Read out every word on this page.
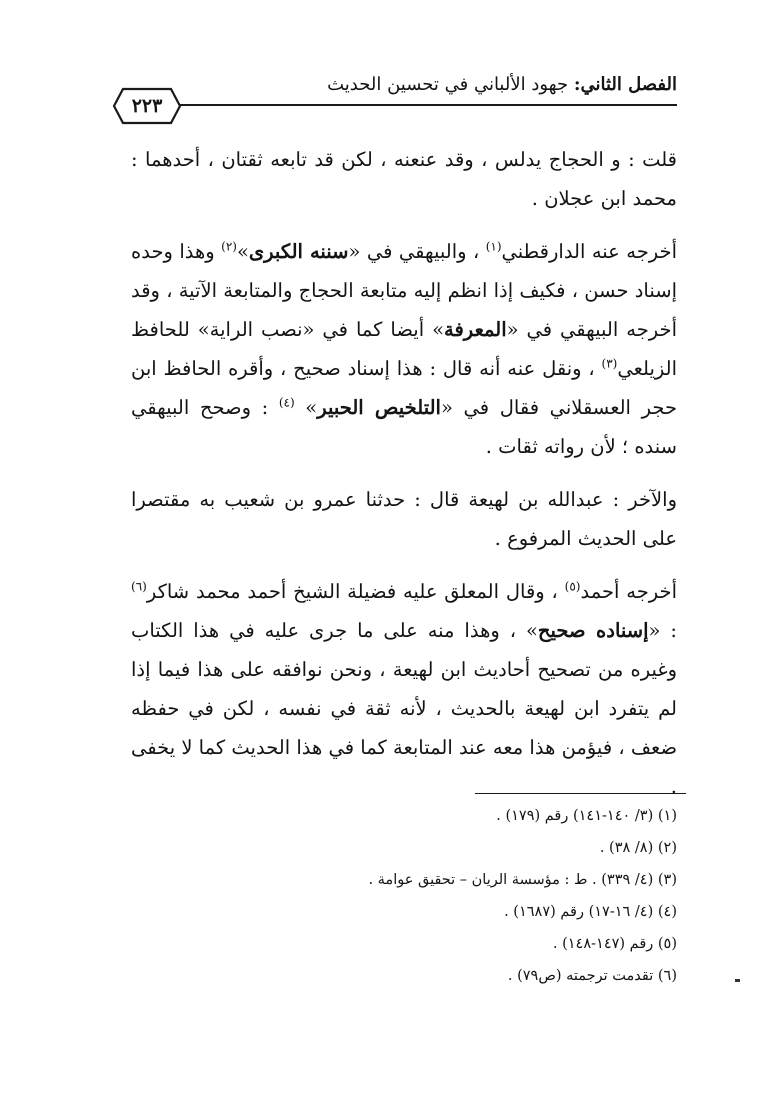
الفصل الثاني: جهود الألباني في تحسين الحديث
٢٢٣

قلت : و الحجاج يدلس ، وقد عنعنه ، لكن قد تابعه ثقتان ، أحدهما : محمد ابن عجلان .

أخرجه عنه الدارقطني$^{(١)}$ ، والبيهقي في «سننه الكبرى»$^{(٢)}$ وهذا وحده إسناد حسن ، فكيف إذا انظم إليه متابعة الحجاج والمتابعة الآتية ، وقد أخرجه البيهقي في «المعرفة» أيضا كما في «نصب الراية» للحافظ الزيلعي$^{(٣)}$ ، ونقل عنه أنه قال : هذا إسناد صحيح ، وأقره الحافظ ابن حجر العسقلاني فقال في «التلخيص الحبير» $^{(٤)}$ : وصحح البيهقي سنده ؛ لأن رواته ثقات .

والآخر : عبدالله بن لهيعة قال : حدثنا عمرو بن شعيب به مقتصرا على الحديث المرفوع .

أخرجه أحمد$^{(٥)}$ ، وقال المعلق عليه فضيلة الشيخ أحمد محمد شاكر$^{(٦)}$ : «إسناده صحيح» ، وهذا منه على ما جرى عليه في هذا الكتاب وغيره من تصحيح أحاديث ابن لهيعة ، ونحن نوافقه على هذا فيما إذا لم يتفرد ابن لهيعة بالحديث ، لأنه ثقة في نفسه ، لكن في حفظه ضعف ، فيؤمن هذا معه عند المتابعة كما في هذا الحديث كما لا يخفى .

(١) (٣/ ١٤٠-١٤١) رقم (١٧٩) .
(٢) (٨/ ٣٨) .
(٣) (٤/ ٣٣٩) . ط : مؤسسة الريان – تحقيق عوامة .
(٤) (٤/ ١٦-١٧) رقم (١٦٨٧) .
(٥) رقم (١٤٧-١٤٨) .
(٦) تقدمت ترجمته (ص٧٩) .
